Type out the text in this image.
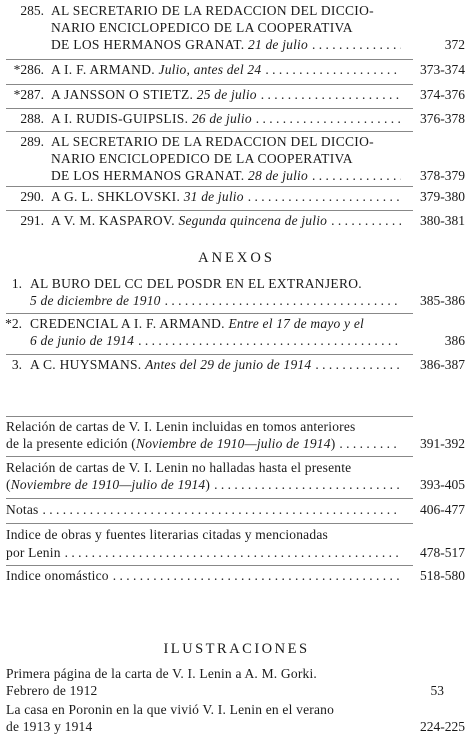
285. AL SECRETARIO DE LA REDACCION DEL DICCIO-
NARIO ENCICLOPEDICO DE LA COOPERATIVA
DE LOS HERMANOS GRANAT.
21 de julio . . .	372
*286. A I. F. ARMAND.
Julio, antes del 24 . . .	373-374
*287. A JANSSON O STIETZ.
25 de julio . . .	374-376
288. A I. RUDIS-GUIPSLIS.
26 de julio . . .	376-378
289. AL SECRETARIO DE LA REDACCION DEL DICCIO-
NARIO ENCICLOPEDICO DE LA COOPERATIVA
DE LOS HERMANOS GRANAT.
28 de julio . . .	378-379
290. A G. L. SHKLOVSKI.
31 de julio . . .	379-380
291. A V. M. KASPAROV.
Segunda quincena de julio . . .	380-381
ANEXOS
1. AL BURO DEL CC DEL POSDR EN EL EXTRANJERO.
5 de diciembre de 1910 . . .	385-386
*2. CREDENCIAL A I. F. ARMAND. Entre el 17 de mayo y el
6 de junio de 1914 . . .	386
3. A C. HUYSMANS.
Antes del 29 de junio de 1914 . . .	386-387
Relación de cartas de V. I. Lenin incluidas en tomos anteriores
de la presente edición ( Noviembre de 1910—julio de 1914 ) . . .	391-392
Relación de cartas de V. I. Lenin no halladas hasta el presente
( Noviembre de 1910—julio de 1914 ) . . .	393-405
Notas . . .	406-477
Indice de obras y fuentes literarias citadas y mencionadas
por Lenin . . .	478-517
Indice onomástico . . .	518-580
ILUSTRACIONES
Primera página de la carta de V. I. Lenin a A. M. Gorki.
Febrero de 1912	53
La casa en Poronin en la que vivió V. I. Lenin en el verano
de 1913 y 1914	224-225
